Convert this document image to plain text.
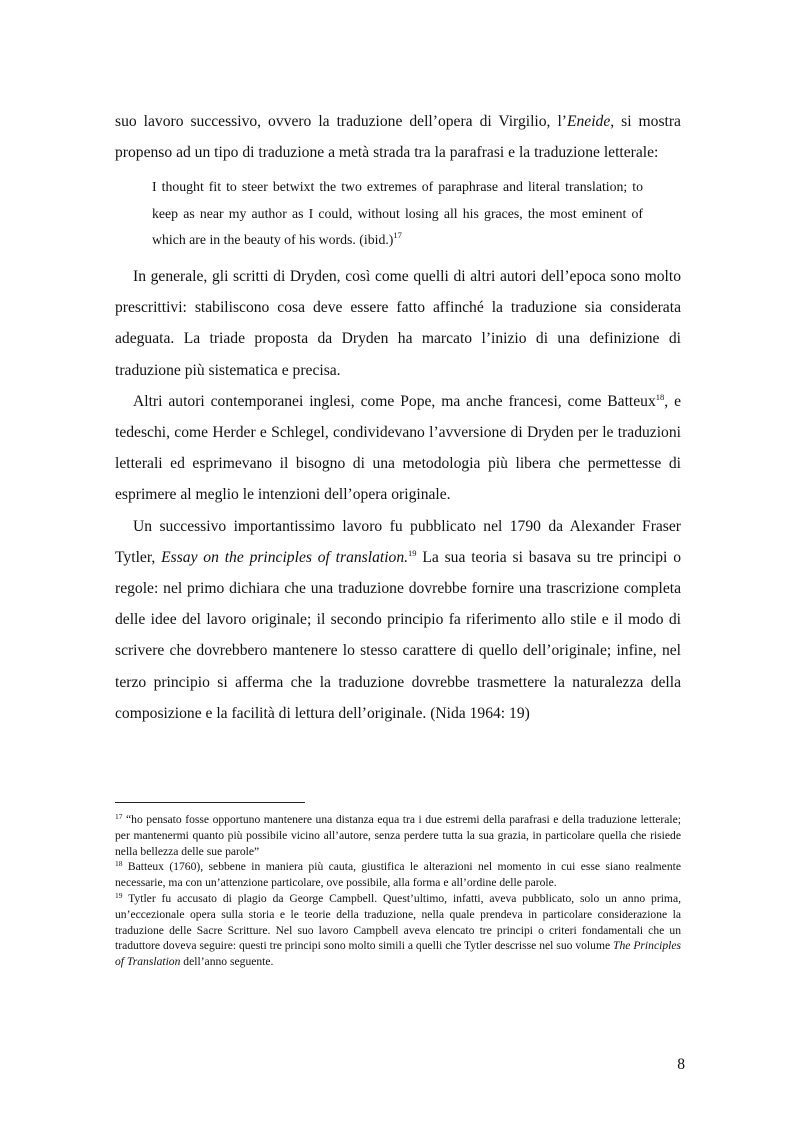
suo lavoro successivo, ovvero la traduzione dell’opera di Virgilio, l’Eneide, si mostra propenso ad un tipo di traduzione a metà strada tra la parafrasi e la traduzione letterale:

I thought fit to steer betwixt the two extremes of paraphrase and literal translation; to keep as near my author as I could, without losing all his graces, the most eminent of which are in the beauty of his words. (ibid.)$^{17}$

In generale, gli scritti di Dryden, così come quelli di altri autori dell’epoca sono molto prescrittivi: stabiliscono cosa deve essere fatto affinché la traduzione sia considerata adeguata. La triade proposta da Dryden ha marcato l’inizio di una definizione di traduzione più sistematica e precisa.

Altri autori contemporanei inglesi, come Pope, ma anche francesi, come Batteux$^{18}$, e tedeschi, come Herder e Schlegel, condividevano l’avversione di Dryden per le traduzioni letterali ed esprimevano il bisogno di una metodologia più libera che permettesse di esprimere al meglio le intenzioni dell’opera originale.

Un successivo importantissimo lavoro fu pubblicato nel 1790 da Alexander Fraser Tytler, Essay on the principles of translation.$^{19}$ La sua teoria si basava su tre principi o regole: nel primo dichiara che una traduzione dovrebbe fornire una trascrizione completa delle idee del lavoro originale; il secondo principio fa riferimento allo stile e il modo di scrivere che dovrebbero mantenere lo stesso carattere di quello dell’originale; infine, nel terzo principio si afferma che la traduzione dovrebbe trasmettere la naturalezza della composizione e la facilità di lettura dell’originale. (Nida 1964: 19)

$^{17}$ “ho pensato fosse opportuno mantenere una distanza equa tra i due estremi della parafrasi e della traduzione letterale; per mantenermi quanto più possibile vicino all’autore, senza perdere tutta la sua grazia, in particolare quella che risiede nella bellezza delle sue parole”

$^{18}$ Batteux (1760), sebbene in maniera più cauta, giustifica le alterazioni nel momento in cui esse siano realmente necessarie, ma con un’attenzione particolare, ove possibile, alla forma e all’ordine delle parole.

$^{19}$ Tytler fu accusato di plagio da George Campbell. Quest’ultimo, infatti, aveva pubblicato, solo un anno prima, un’eccezionale opera sulla storia e le teorie della traduzione, nella quale prendeva in particolare considerazione la traduzione delle Sacre Scritture. Nel suo lavoro Campbell aveva elencato tre principi o criteri fondamentali che un traduttore doveva seguire: questi tre principi sono molto simili a quelli che Tytler descrisse nel suo volume The Principles of Translation dell’anno seguente.

8
